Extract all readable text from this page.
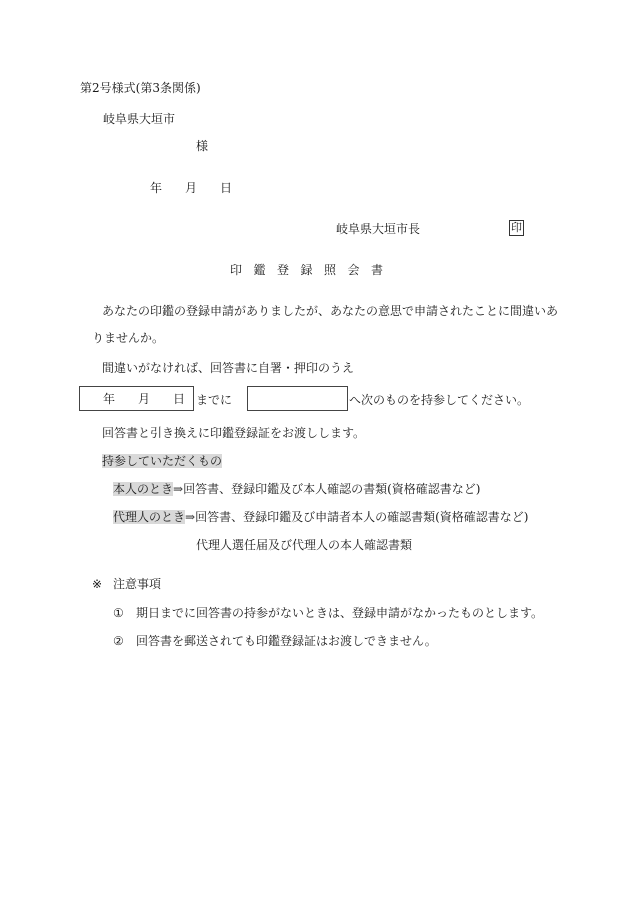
第2号様式(第3条関係)
岐阜県大垣市
様
年 月 日
岐阜県大垣市長	印
印鑑登録照会書
あなたの印鑑の登録申請がありましたが、あなたの意思で申請されたことに間違いあ
りませんか。
間違いがなければ、回答書に自署・押印のうえ
年 月 日 までに	へ次のものを持参してください。
回答書と引き換えに印鑑登録証をお渡しします。
持参していただくもの
本人のとき⇒回答書、登録印鑑及び本人確認の書類(資格確認書など)
代理人のとき⇒回答書、登録印鑑及び申請者本人の確認書類(資格確認書など)
代理人選任届及び代理人の本人確認書類
※ 注意事項
① 期日までに回答書の持参がないときは、登録申請がなかったものとします。
② 回答書を郵送されても印鑑登録証はお渡しできません。
